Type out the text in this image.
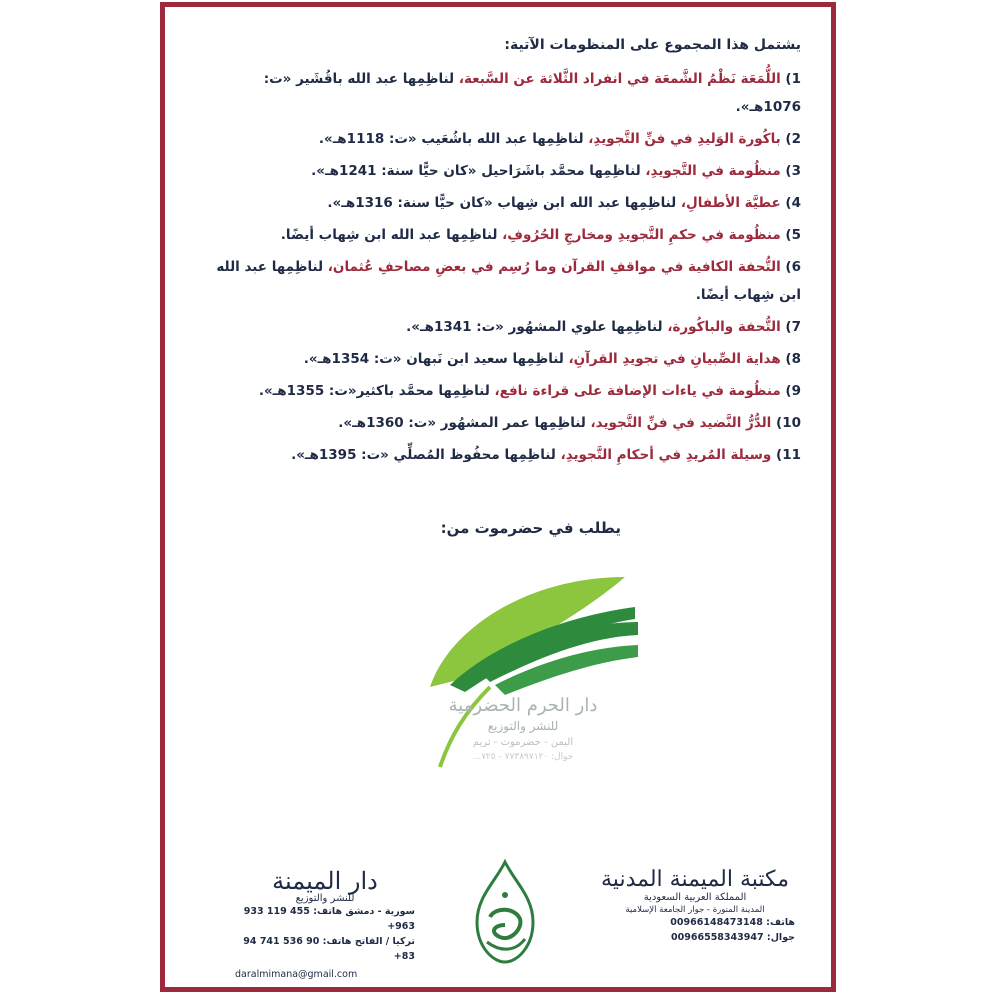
يشتمل هذا المجموع على المنظومات الآتية:

1) اللُّمَعَة نَظْمُ الشَّمعَة في انفراد الثَّلاثة عن السَّبعة، لناظِمِها عبد الله باقُشَير «ت: 1076هـ».

2) باكُورة الوَليدِ في فنِّ التَّجويدِ، لناظِمِها عبد الله باشُعَيب «ت: 1118هـ».

3) منظُومة في التَّجويدِ، لناظِمِها محمَّد باشَرَاحيل «كان حيًّا سنة: 1241هـ».

4) عطيَّة الأطفالِ، لناظِمِها عبد الله ابن شِهاب «كان حيًّا سنة: 1316هـ».

5) منظُومة في حكمِ التَّجويدِ ومخارجِ الحُرُوفِ، لناظِمِها عبد الله ابن شِهاب أيضًا.

6) التُّحفة الكافية في مواقفِ القرآن وما رُسِم في بعضِ مصاحفِ عُثمان، لناظِمِها عبد الله ابن شِهاب أيضًا.

7) التُّحفة والباكُورة، لناظِمِها علوي المشهُور «ت: 1341هـ».

8) هداية الصِّبيانِ في تجويدِ القرآنِ، لناظِمِها سعيد ابن نَبهان «ت: 1354هـ».

9) منظُومة في ياءات الإضافة على قراءة نافع، لناظِمِها محمَّد باكثير«ت: 1355هـ».

10) الدُّرُّ النَّضيد في فنِّ التَّجويد، لناظِمِها عمر المشهُور «ت: 1360هـ».

11) وسيلة المُريدِ في أحكامِ التَّجويدِ، لناظِمِها محفُوظ المُصلِّي «ت: 1395هـ».

يطلب في حضرموت من:
دار الحرم الحضرمية
للنشر والتوزيع
اليمن - حضرموت - تريم
جوال: ٧٧٣٨٩٧١٢٠ - ٧٢٥...
دار الميمنة
للنشر والتوزيع
سورية - دمشق هاتف: 455 119 933 963+
تركيا / الفاتح هاتف: 90 536 741 94 83+
daralmimana@gmail.com
مكتبة الميمنة المدنية
المملكة العربية السعودية
المدينة المنورة - جوار الجامعة الإسلامية
هاتف: 00966148473148
جوال: 00966558343947
